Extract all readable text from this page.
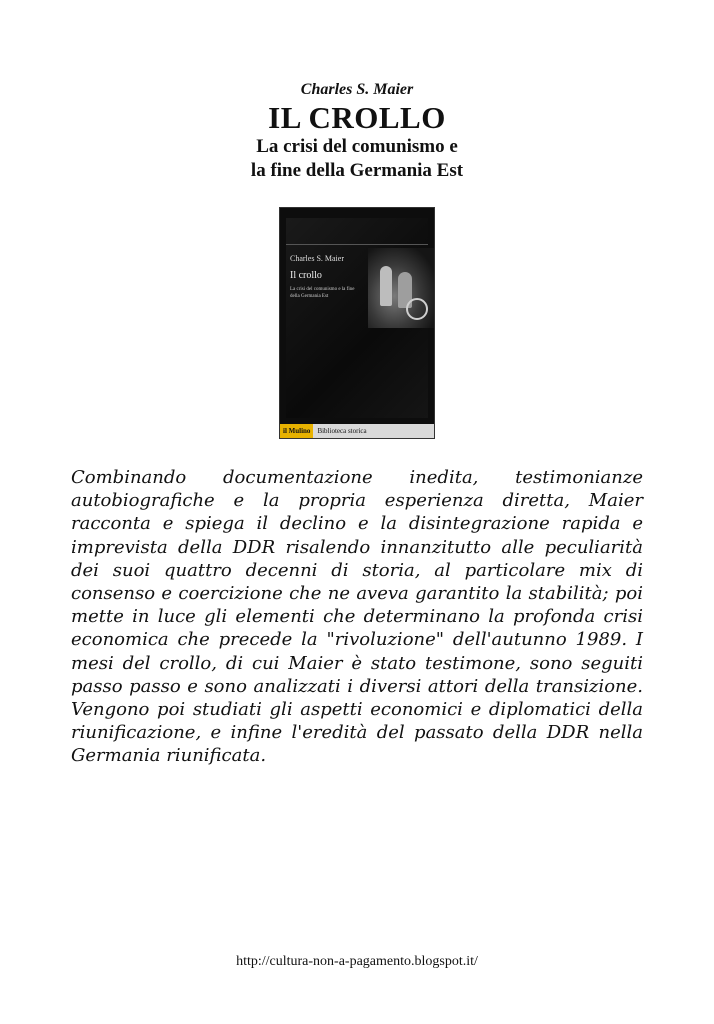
Charles S. Maier
IL CROLLO
La crisi del comunismo e
la fine della Germania Est
Charles S. Maier
Il crollo
La crisi del comunismo e la fine della Germania Est
il Mulino Biblioteca storica
Combinando documentazione inedita, testimonianze autobiografiche e la propria esperienza diretta, Maier racconta e spiega il declino e la disintegrazione rapida e imprevista della DDR risalendo innanzitutto alle peculiarità dei suoi quattro decenni di storia, al particolare mix di consenso e coercizione che ne aveva garantito la stabilità; poi mette in luce gli elementi che determinano la profonda crisi economica che precede la "rivoluzione" dell'autunno 1989. I mesi del crollo, di cui Maier è stato testimone, sono seguiti passo passo e sono analizzati i diversi attori della transizione. Vengono poi studiati gli aspetti economici e diplomatici della riunificazione, e infine l'eredità del passato della DDR nella Germania riunificata.
http://cultura-non-a-pagamento.blogspot.it/
